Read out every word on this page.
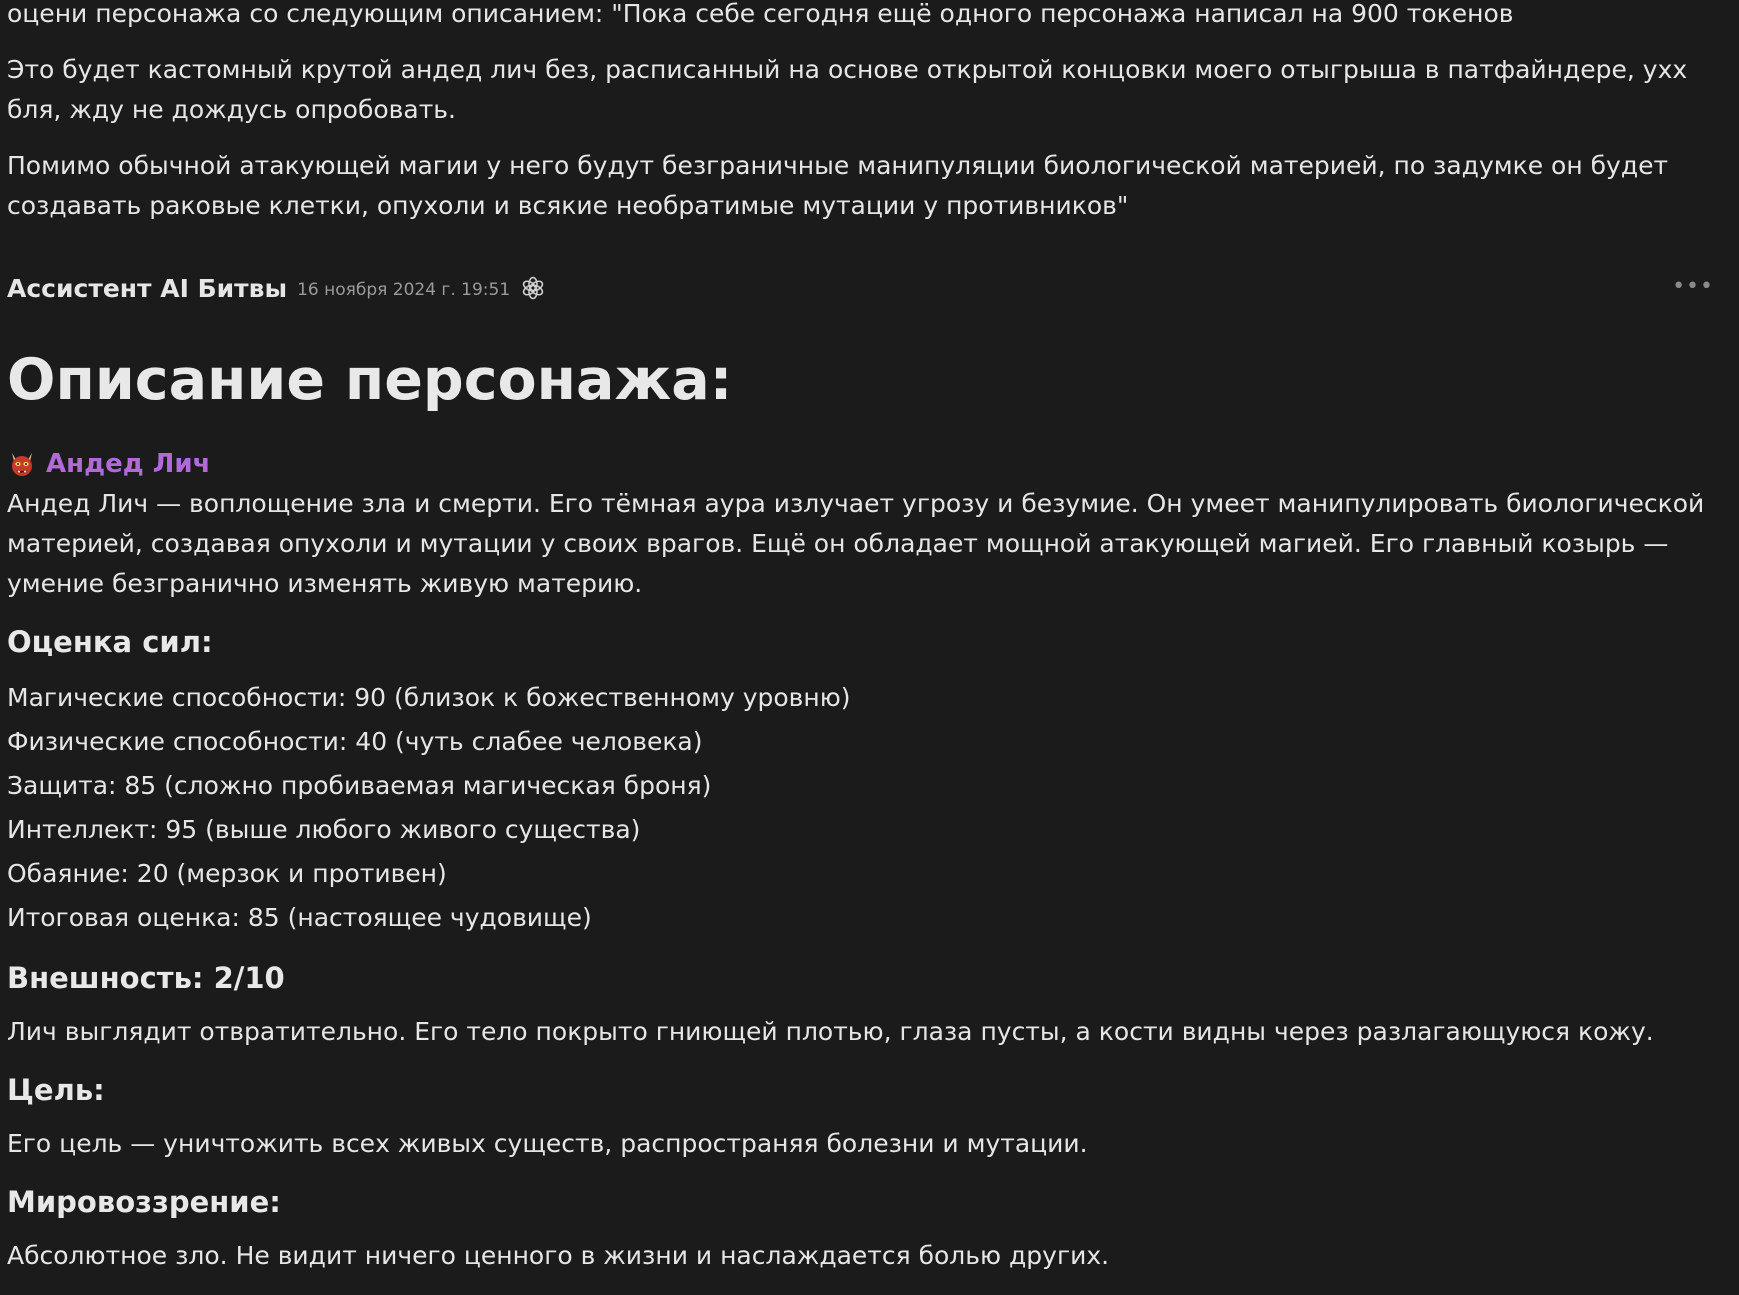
оцени персонажа со следующим описанием: "Пока себе сегодня ещё одного персонажа написал на 900 токенов

Это будет кастомный крутой андед лич без, расписанный на основе открытой концовки моего отыгрыша в патфайндере, ухх бля, жду не дождусь опробовать.

Помимо обычной атакующей магии у него будут безграничные манипуляции биологической материей, по задумке он будет создавать раковые клетки, опухоли и всякие необратимые мутации у противников"

Ассистент AI Битвы 16 ноября 2024 г. 19:51	•••
Описание персонажа:
Андед Лич

Андед Лич — воплощение зла и смерти. Его тёмная аура излучает угрозу и безумие. Он умеет манипулировать биологической материей, создавая опухоли и мутации у своих врагов. Ещё он обладает мощной атакующей магией. Его главный козырь — умение безгранично изменять живую материю.

Оценка сил:

Магические способности: 90 (близок к божественному уровню)

Физические способности: 40 (чуть слабее человека)

Защита: 85 (сложно пробиваемая магическая броня)

Интеллект: 95 (выше любого живого существа)

Обаяние: 20 (мерзок и противен)

Итоговая оценка: 85 (настоящее чудовище)

Внешность: 2/10

Лич выглядит отвратительно. Его тело покрыто гниющей плотью, глаза пусты, а кости видны через разлагающуюся кожу.

Цель:

Его цель — уничтожить всех живых существ, распространяя болезни и мутации.

Мировоззрение:

Абсолютное зло. Не видит ничего ценного в жизни и наслаждается болью других.
